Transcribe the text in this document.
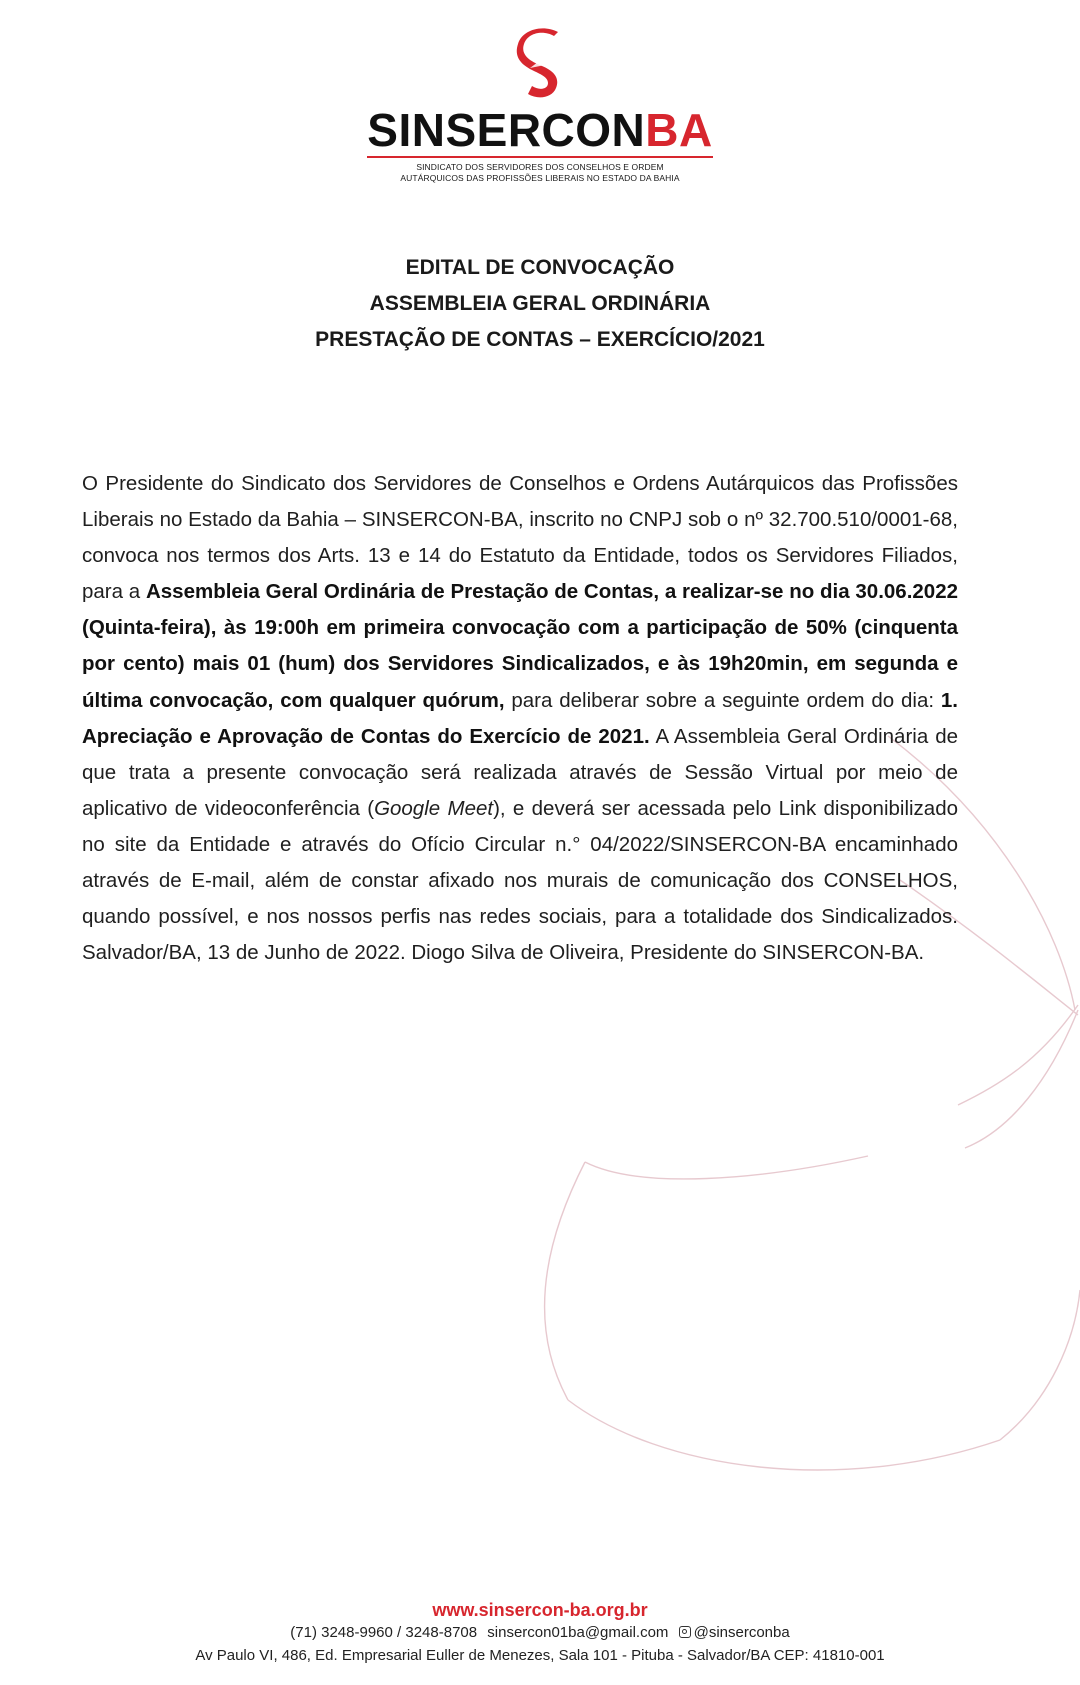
SINSERCONBA
SINDICATO DOS SERVIDORES DOS CONSELHOS E ORDEM
AUTÁRQUICOS DAS PROFISSÕES LIBERAIS NO ESTADO DA BAHIA
EDITAL DE CONVOCAÇÃO
ASSEMBLEIA GERAL ORDINÁRIA
PRESTAÇÃO DE CONTAS – EXERCÍCIO/2021

O Presidente do Sindicato dos Servidores de Conselhos e Ordens Autárquicos das Profissões Liberais no Estado da Bahia – SINSERCON-BA, inscrito no CNPJ sob o nº 32.700.510/0001-68, convoca nos termos dos Arts. 13 e 14 do Estatuto da Entidade, todos os Servidores Filiados, para a Assembleia Geral Ordinária de Prestação de Contas, a realizar-se no dia 30.06.2022 (Quinta-feira), às 19:00h em primeira convocação com a participação de 50% (cinquenta por cento) mais 01 (hum) dos Servidores Sindicalizados, e às 19h20min, em segunda e última convocação, com qualquer quórum, para deliberar sobre a seguinte ordem do dia: 1. Apreciação e Aprovação de Contas do Exercício de 2021. A Assembleia Geral Ordinária de que trata a presente convocação será realizada através de Sessão Virtual por meio de aplicativo de videoconferência (Google Meet), e deverá ser acessada pelo Link disponibilizado no site da Entidade e através do Ofício Circular n.° 04/2022/SINSERCON-BA encaminhado através de E-mail, além de constar afixado nos murais de comunicação dos CONSELHOS, quando possível, e nos nossos perfis nas redes sociais, para a totalidade dos Sindicalizados. Salvador/BA, 13 de Junho de 2022. Diogo Silva de Oliveira, Presidente do SINSERCON-BA.

www.sinsercon-ba.org.br
(71) 3248-9960 / 3248-8708 sinsercon01ba@gmail.com @sinserconba
Av Paulo VI, 486, Ed. Empresarial Euller de Menezes, Sala 101 - Pituba - Salvador/BA CEP: 41810-001
